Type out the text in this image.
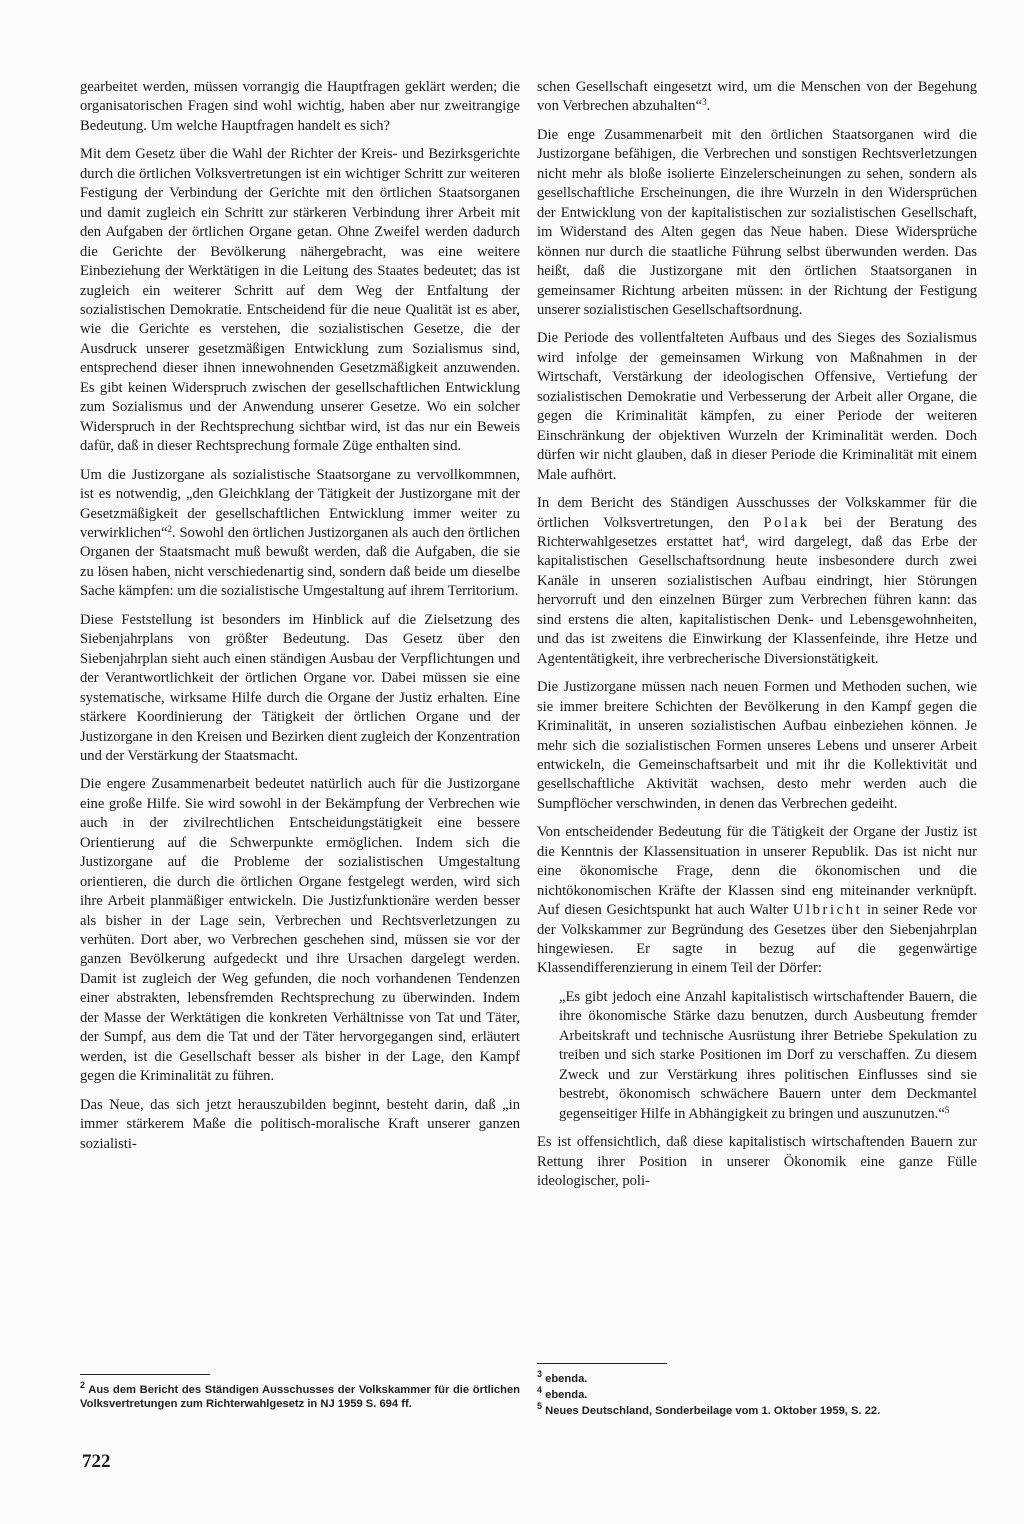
gearbeitet werden, müssen vorrangig die Hauptfragen geklärt werden; die organisatorischen Fragen sind wohl wichtig, haben aber nur zweitrangige Bedeutung. Um welche Hauptfragen handelt es sich?

Mit dem Gesetz über die Wahl der Richter der Kreis- und Bezirksgerichte durch die örtlichen Volksvertretungen ist ein wichtiger Schritt zur weiteren Festigung der Verbindung der Gerichte mit den örtlichen Staatsorganen und damit zugleich ein Schritt zur stärkeren Verbindung ihrer Arbeit mit den Aufgaben der örtlichen Organe getan. Ohne Zweifel werden dadurch die Gerichte der Bevölkerung nähergebracht, was eine weitere Einbeziehung der Werktätigen in die Leitung des Staates bedeutet; das ist zugleich ein weiterer Schritt auf dem Weg der Entfaltung der sozialistischen Demokratie. Entscheidend für die neue Qualität ist es aber, wie die Gerichte es verstehen, die sozialistischen Gesetze, die der Ausdruck unserer gesetzmäßigen Entwicklung zum Sozialismus sind, entsprechend dieser ihnen innewohnenden Gesetzmäßigkeit anzuwenden. Es gibt keinen Widerspruch zwischen der gesellschaftlichen Entwicklung zum Sozialismus und der Anwendung unserer Gesetze. Wo ein solcher Widerspruch in der Rechtsprechung sichtbar wird, ist das nur ein Beweis dafür, daß in dieser Rechtsprechung formale Züge enthalten sind.

Um die Justizorgane als sozialistische Staatsorgane zu vervollkommnen, ist es notwendig, „den Gleichklang der Tätigkeit der Justizorgane mit der Gesetzmäßigkeit der gesellschaftlichen Entwicklung immer weiter zu verwirklichen“$^2$. Sowohl den örtlichen Justizorganen als auch den örtlichen Organen der Staatsmacht muß bewußt werden, daß die Aufgaben, die sie zu lösen haben, nicht verschiedenartig sind, sondern daß beide um dieselbe Sache kämpfen: um die sozialistische Umgestaltung auf ihrem Territorium.

Diese Feststellung ist besonders im Hinblick auf die Zielsetzung des Siebenjahrplans von größter Bedeutung. Das Gesetz über den Siebenjahrplan sieht auch einen ständigen Ausbau der Verpflichtungen und der Verantwortlichkeit der örtlichen Organe vor. Dabei müssen sie eine systematische, wirksame Hilfe durch die Organe der Justiz erhalten. Eine stärkere Koordinierung der Tätigkeit der örtlichen Organe und der Justizorgane in den Kreisen und Bezirken dient zugleich der Konzentration und der Verstärkung der Staatsmacht.

Die engere Zusammenarbeit bedeutet natürlich auch für die Justizorgane eine große Hilfe. Sie wird sowohl in der Bekämpfung der Verbrechen wie auch in der zivilrechtlichen Entscheidungstätigkeit eine bessere Orientierung auf die Schwerpunkte ermöglichen. Indem sich die Justizorgane auf die Probleme der sozialistischen Umgestaltung orientieren, die durch die örtlichen Organe festgelegt werden, wird sich ihre Arbeit planmäßiger entwickeln. Die Justizfunktionäre werden besser als bisher in der Lage sein, Verbrechen und Rechtsverletzungen zu verhüten. Dort aber, wo Verbrechen geschehen sind, müssen sie vor der ganzen Bevölkerung aufgedeckt und ihre Ursachen dargelegt werden. Damit ist zugleich der Weg gefunden, die noch vorhandenen Tendenzen einer abstrakten, lebensfremden Rechtsprechung zu überwinden. Indem der Masse der Werktätigen die konkreten Verhältnisse von Tat und Täter, der Sumpf, aus dem die Tat und der Täter hervorgegangen sind, erläutert werden, ist die Gesellschaft besser als bisher in der Lage, den Kampf gegen die Kriminalität zu führen.

Das Neue, das sich jetzt herauszubilden beginnt, besteht darin, daß „in immer stärkerem Maße die politisch-moralische Kraft unserer ganzen sozialisti-

schen Gesellschaft eingesetzt wird, um die Menschen von der Begehung von Verbrechen abzuhalten“$^3$.

Die enge Zusammenarbeit mit den örtlichen Staatsorganen wird die Justizorgane befähigen, die Verbrechen und sonstigen Rechtsverletzungen nicht mehr als bloße isolierte Einzelerscheinungen zu sehen, sondern als gesellschaftliche Erscheinungen, die ihre Wurzeln in den Widersprüchen der Entwicklung von der kapitalistischen zur sozialistischen Gesellschaft, im Widerstand des Alten gegen das Neue haben. Diese Widersprüche können nur durch die staatliche Führung selbst überwunden werden. Das heißt, daß die Justizorgane mit den örtlichen Staatsorganen in gemeinsamer Richtung arbeiten müssen: in der Richtung der Festigung unserer sozialistischen Gesellschaftsordnung.

Die Periode des vollentfalteten Aufbaus und des Sieges des Sozialismus wird infolge der gemeinsamen Wirkung von Maßnahmen in der Wirtschaft, Verstärkung der ideologischen Offensive, Vertiefung der sozialistischen Demokratie und Verbesserung der Arbeit aller Organe, die gegen die Kriminalität kämpfen, zu einer Periode der weiteren Einschränkung der objektiven Wurzeln der Kriminalität werden. Doch dürfen wir nicht glauben, daß in dieser Periode die Kriminalität mit einem Male aufhört.

In dem Bericht des Ständigen Ausschusses der Volkskammer für die örtlichen Volksvertretungen, den Polak bei der Beratung des Richterwahlgesetzes erstattet hat$^4$, wird dargelegt, daß das Erbe der kapitalistischen Gesellschaftsordnung heute insbesondere durch zwei Kanäle in unseren sozialistischen Aufbau eindringt, hier Störungen hervorruft und den einzelnen Bürger zum Verbrechen führen kann: das sind erstens die alten, kapitalistischen Denk- und Lebensgewohnheiten, und das ist zweitens die Einwirkung der Klassenfeinde, ihre Hetze und Agententätigkeit, ihre verbrecherische Diversionstätigkeit.

Die Justizorgane müssen nach neuen Formen und Methoden suchen, wie sie immer breitere Schichten der Bevölkerung in den Kampf gegen die Kriminalität, in unseren sozialistischen Aufbau einbeziehen können. Je mehr sich die sozialistischen Formen unseres Lebens und unserer Arbeit entwickeln, die Gemeinschaftsarbeit und mit ihr die Kollektivität und gesellschaftliche Aktivität wachsen, desto mehr werden auch die Sumpflöcher verschwinden, in denen das Verbrechen gedeiht.

Von entscheidender Bedeutung für die Tätigkeit der Organe der Justiz ist die Kenntnis der Klassensituation in unserer Republik. Das ist nicht nur eine ökonomische Frage, denn die ökonomischen und die nichtökonomischen Kräfte der Klassen sind eng miteinander verknüpft. Auf diesen Gesichtspunkt hat auch Walter Ulbricht in seiner Rede vor der Volkskammer zur Begründung des Gesetzes über den Siebenjahrplan hingewiesen. Er sagte in bezug auf die gegenwärtige Klassendifferenzierung in einem Teil der Dörfer:

„Es gibt jedoch eine Anzahl kapitalistisch wirtschaftender Bauern, die ihre ökonomische Stärke dazu benutzen, durch Ausbeutung fremder Arbeitskraft und technische Ausrüstung ihrer Betriebe Spekulation zu treiben und sich starke Positionen im Dorf zu verschaffen. Zu diesem Zweck und zur Verstärkung ihres politischen Einflusses sind sie bestrebt, ökonomisch schwächere Bauern unter dem Deckmantel gegenseitiger Hilfe in Abhängigkeit zu bringen und auszunutzen.“$^5$

Es ist offensichtlich, daß diese kapitalistisch wirtschaftenden Bauern zur Rettung ihrer Position in unserer Ökonomik eine ganze Fülle ideologischer, poli-

$^2$ Aus dem Bericht des Ständigen Ausschusses der Volkskammer für die örtlichen Volksvertretungen zum Richterwahlgesetz in NJ 1959 S. 694 ff.
$^3$ ebenda.
$^4$ ebenda.
$^5$ Neues Deutschland, Sonderbeilage vom 1. Oktober 1959, S. 22.
722
